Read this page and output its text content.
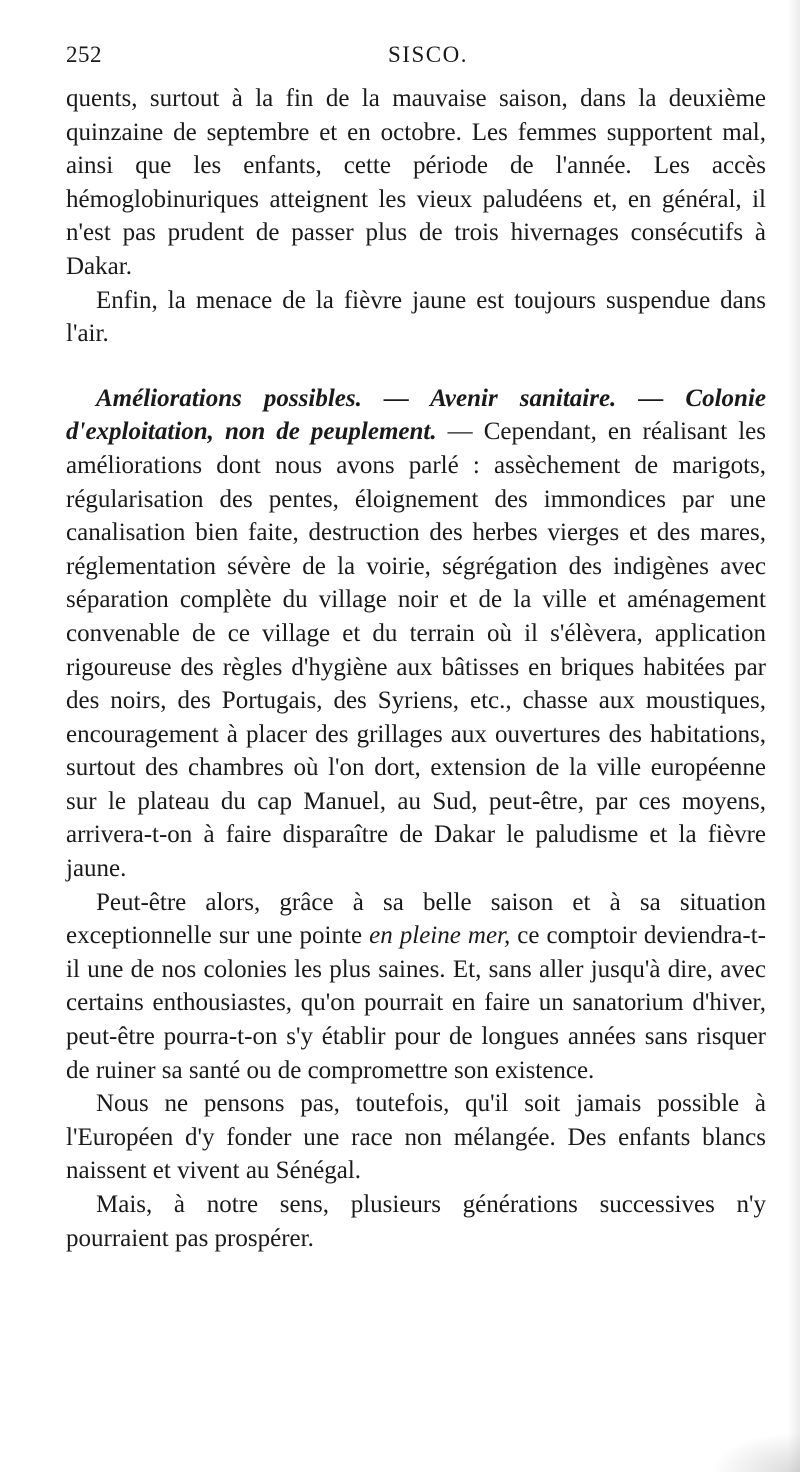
252	SISCO.

quents, surtout à la fin de la mauvaise saison, dans la deuxième quinzaine de septembre et en octobre. Les femmes supportent mal, ainsi que les enfants, cette période de l'année. Les accès hémoglobinuriques atteignent les vieux paludéens et, en général, il n'est pas prudent de passer plus de trois hivernages consécutifs à Dakar.

Enfin, la menace de la fièvre jaune est toujours suspendue dans l'air.

Améliorations possibles. — Avenir sanitaire. — Colonie d'exploitation, non de peuplement. — Cependant, en réalisant les améliorations dont nous avons parlé : assèchement de marigots, régularisation des pentes, éloignement des immondices par une canalisation bien faite, destruction des herbes vierges et des mares, réglementation sévère de la voirie, ségrégation des indigènes avec séparation complète du village noir et de la ville et aménagement convenable de ce village et du terrain où il s'élèvera, application rigoureuse des règles d'hygiène aux bâtisses en briques habitées par des noirs, des Portugais, des Syriens, etc., chasse aux moustiques, encouragement à placer des grillages aux ouvertures des habitations, surtout des chambres où l'on dort, extension de la ville européenne sur le plateau du cap Manuel, au Sud, peut-être, par ces moyens, arrivera-t-on à faire disparaître de Dakar le paludisme et la fièvre jaune.

Peut-être alors, grâce à sa belle saison et à sa situation exceptionnelle sur une pointe en pleine mer, ce comptoir deviendra-t-il une de nos colonies les plus saines. Et, sans aller jusqu'à dire, avec certains enthousiastes, qu'on pourrait en faire un sanatorium d'hiver, peut-être pourra-t-on s'y établir pour de longues années sans risquer de ruiner sa santé ou de compromettre son existence.

Nous ne pensons pas, toutefois, qu'il soit jamais possible à l'Européen d'y fonder une race non mélangée. Des enfants blancs naissent et vivent au Sénégal.

Mais, à notre sens, plusieurs générations successives n'y pourraient pas prospérer.
